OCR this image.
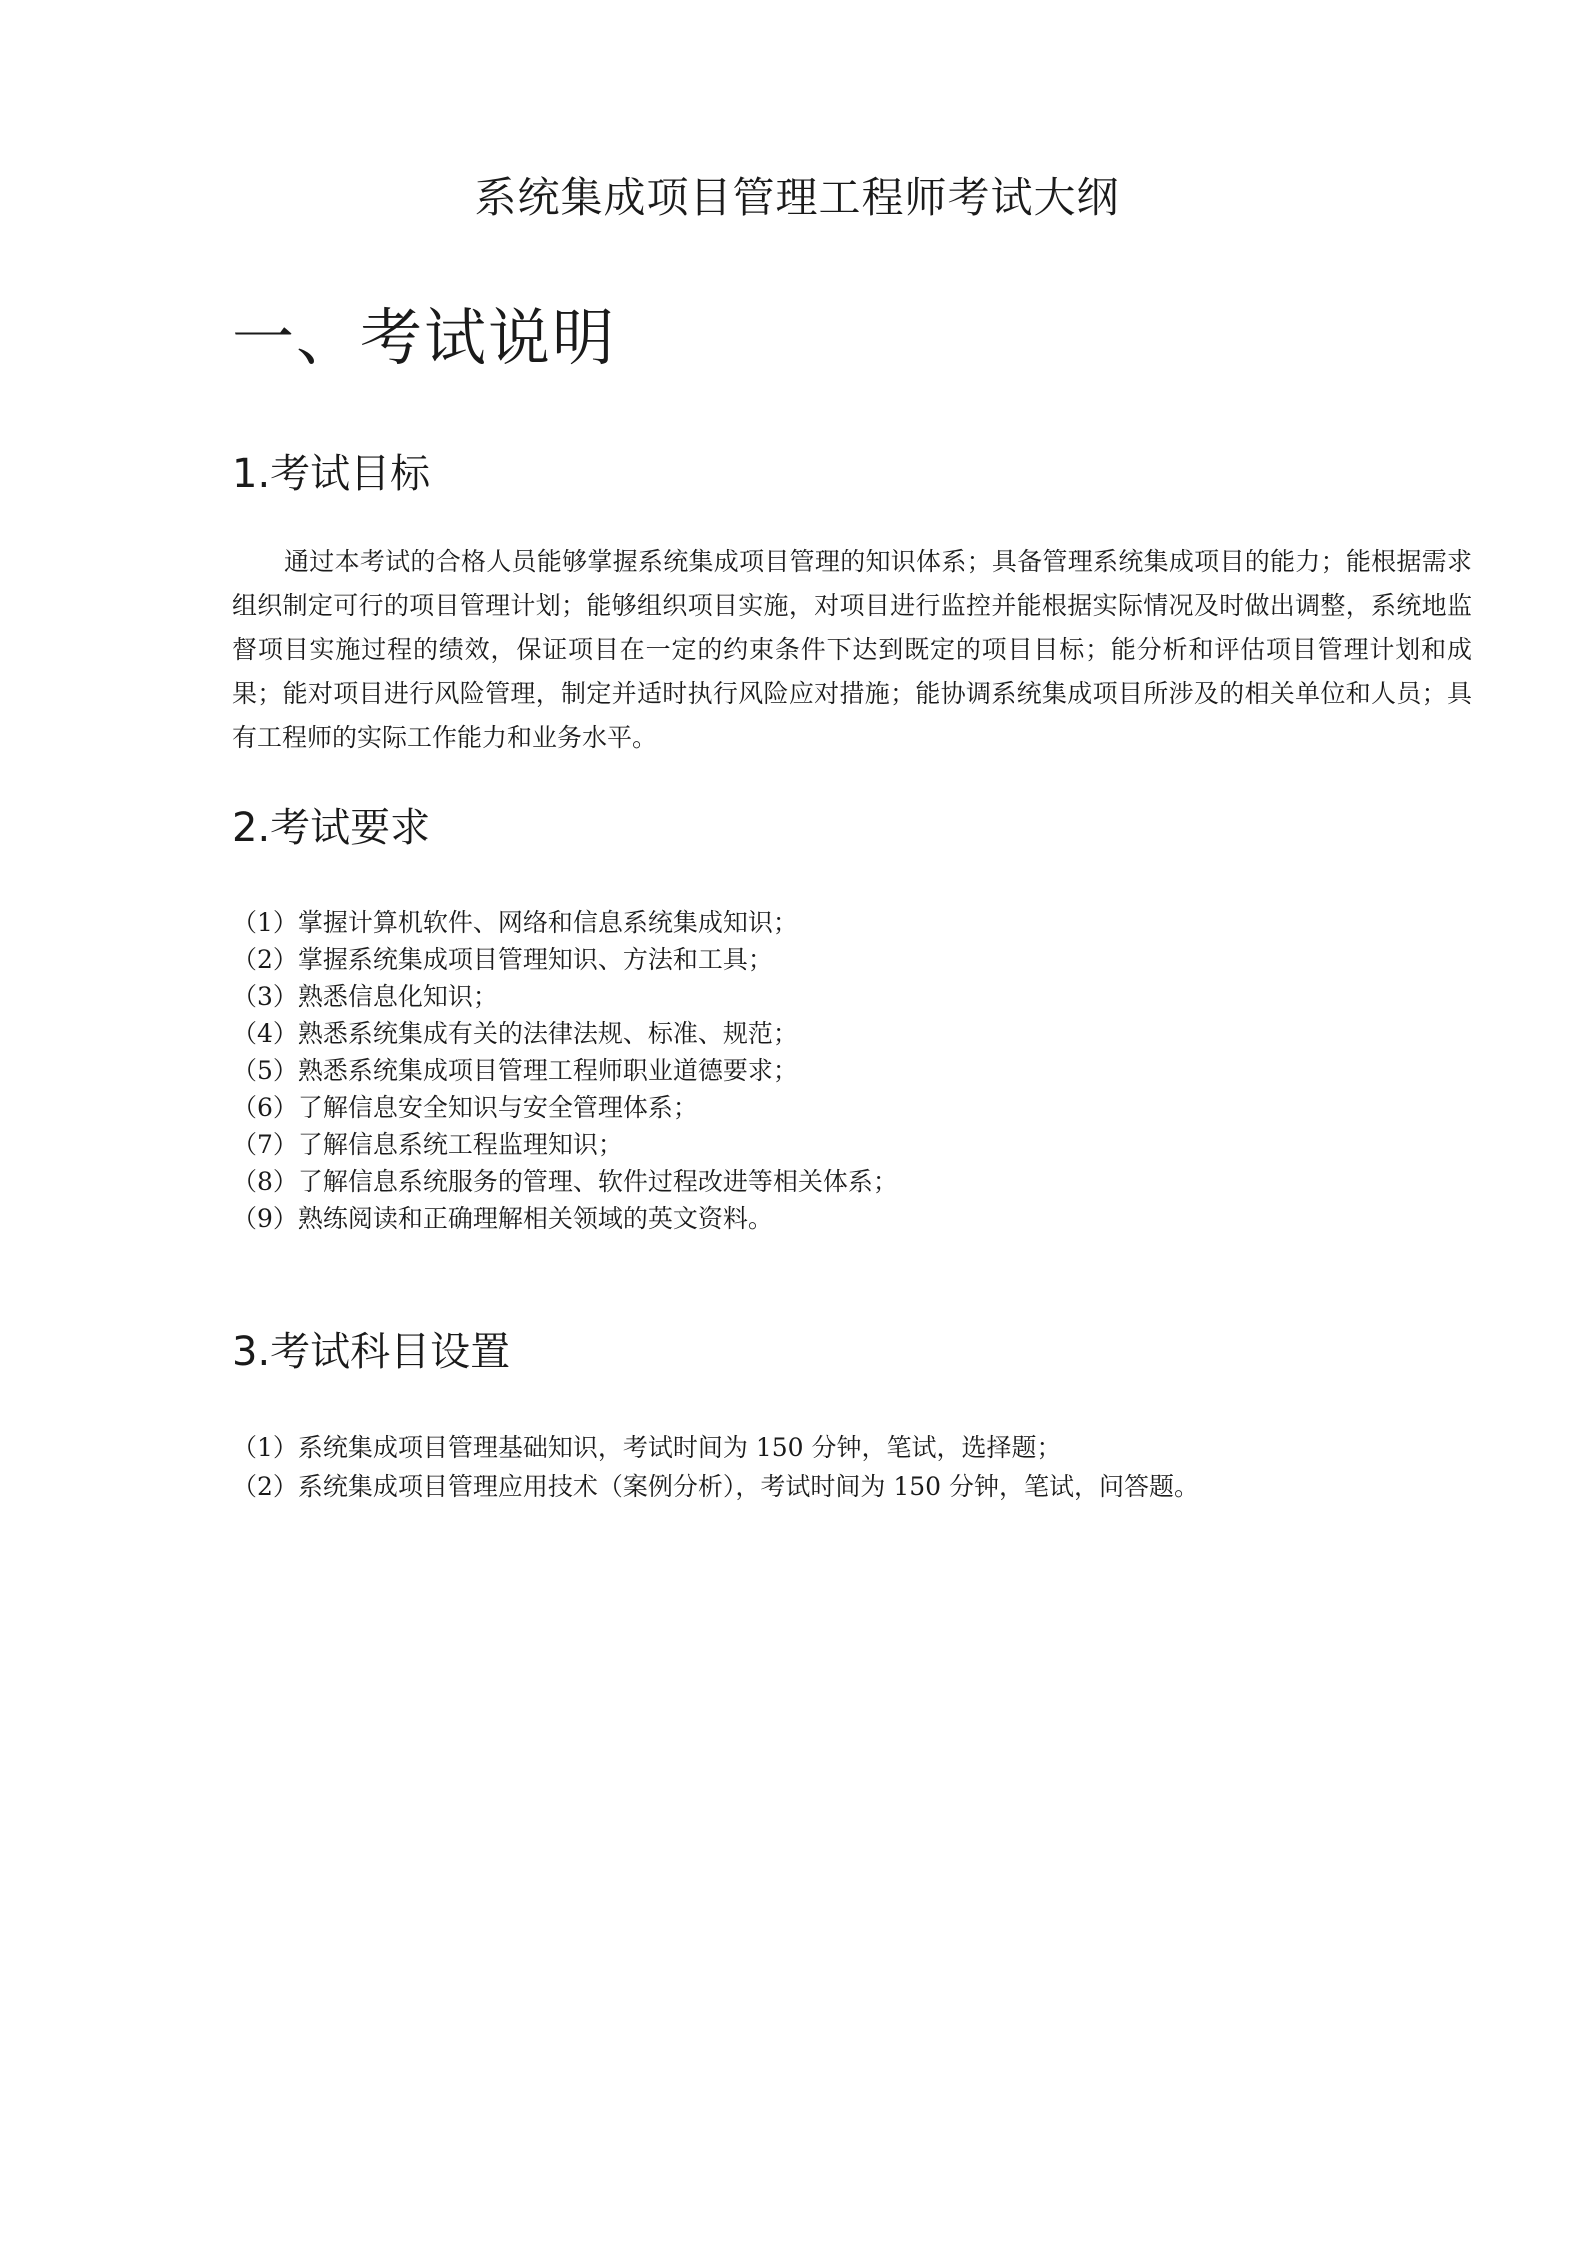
系统集成项目管理工程师考试大纲
一、考试说明
1.考试目标

通过本考试的合格人员能够掌握系统集成项目管理的知识体系；具备管理系统集成项目的能力；能根据需求组织制定可行的项目管理计划；能够组织项目实施，对项目进行监控并能根据实际情况及时做出调整，系统地监督项目实施过程的绩效，保证项目在一定的约束条件下达到既定的项目目标；能分析和评估项目管理计划和成果；能对项目进行风险管理，制定并适时执行风险应对措施；能协调系统集成项目所涉及的相关单位和人员；具有工程师的实际工作能力和业务水平。

2.考试要求
（1）掌握计算机软件、网络和信息系统集成知识；
（2）掌握系统集成项目管理知识、方法和工具；
（3）熟悉信息化知识；
（4）熟悉系统集成有关的法律法规、标准、规范；
（5）熟悉系统集成项目管理工程师职业道德要求；
（6）了解信息安全知识与安全管理体系；
（7）了解信息系统工程监理知识；
（8）了解信息系统服务的管理、软件过程改进等相关体系；
（9）熟练阅读和正确理解相关领域的英文资料。
3.考试科目设置
（1）系统集成项目管理基础知识，考试时间为 150 分钟，笔试，选择题；
（2）系统集成项目管理应用技术（案例分析），考试时间为 150 分钟，笔试，问答题。
